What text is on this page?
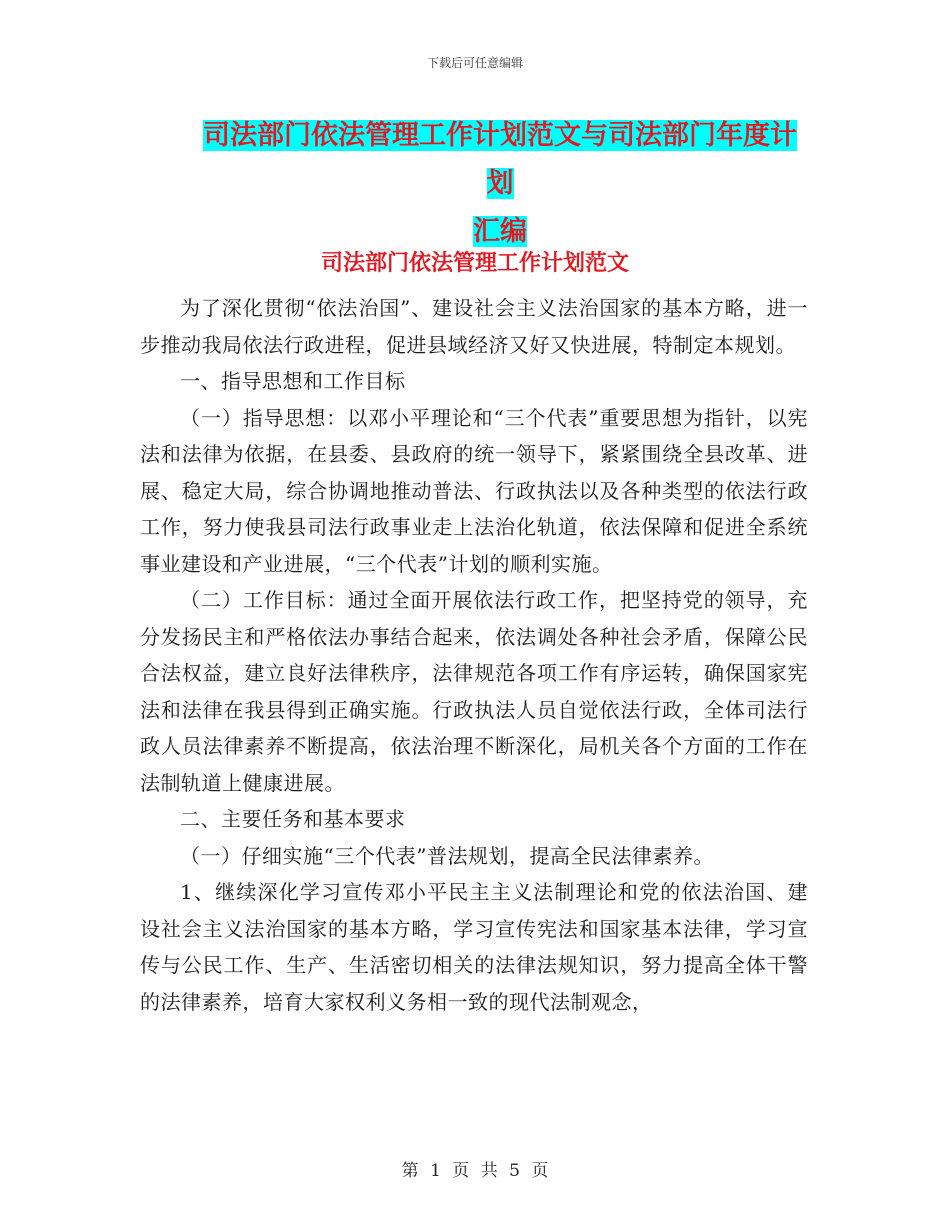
下载后可任意编辑
司法部门依法管理工作计划范文与司法部门年度计划
汇编
司法部门依法管理工作计划范文

为了深化贯彻“依法治国”、建设社会主义法治国家的基本方略，进一步推动我局依法行政进程，促进县域经济又好又快进展，特制定本规划。

一、指导思想和工作目标

（一）指导思想：以邓小平理论和“三个代表”重要思想为指针，以宪法和法律为依据，在县委、县政府的统一领导下，紧紧围绕全县改革、进展、稳定大局，综合协调地推动普法、行政执法以及各种类型的依法行政工作，努力使我县司法行政事业走上法治化轨道，依法保障和促进全系统事业建设和产业进展，“三个代表”计划的顺利实施。

（二）工作目标：通过全面开展依法行政工作，把坚持党的领导，充分发扬民主和严格依法办事结合起来，依法调处各种社会矛盾，保障公民合法权益，建立良好法律秩序，法律规范各项工作有序运转，确保国家宪法和法律在我县得到正确实施。行政执法人员自觉依法行政，全体司法行政人员法律素养不断提高，依法治理不断深化，局机关各个方面的工作在法制轨道上健康进展。

二、主要任务和基本要求

（一）仔细实施“三个代表”普法规划，提高全民法律素养。

1、继续深化学习宣传邓小平民主主义法制理论和党的依法治国、建设社会主义法治国家的基本方略，学习宣传宪法和国家基本法律，学习宣传与公民工作、生产、生活密切相关的法律法规知识，努力提高全体干警的法律素养，培育大家权利义务相一致的现代法制观念，

第 1 页 共 5 页
